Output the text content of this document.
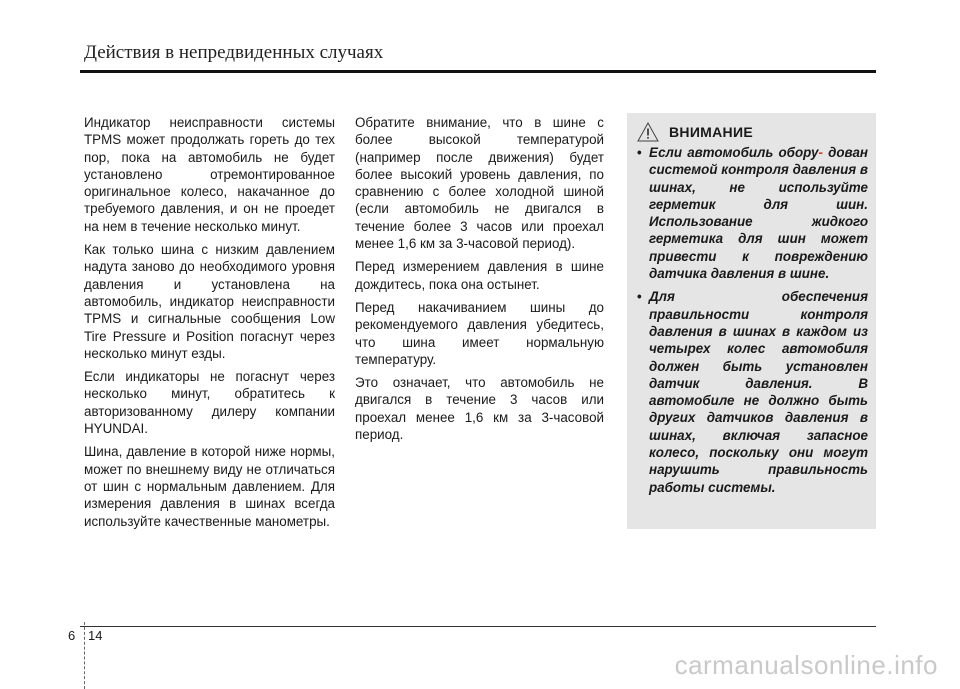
Действия в непредвиденных случаях

Индикатор неисправности системы TPMS может продолжать гореть до тех пор, пока на автомобиль не будет установлено отремонтированное оригинальное колесо, накачанное до требуемого давления, и он не проедет на нем в течение несколько минут.

Как только шина с низким давлением надута заново до необходимого уровня давления и установлена на автомобиль, индикатор неисправности TPMS и сигнальные сообщения Low Tire Pressure и Position погаснут через несколько минут езды.

Если индикаторы не погаснут через несколько минут, обратитесь к авторизованному дилеру компании HYUNDAI.

Шина, давление в которой ниже нормы, может по внешнему виду не отличаться от шин с нормальным давлением. Для измерения давления в шинах всегда используйте качественные манометры.

Обратите внимание, что в шине с более высокой температурой (например после движения) будет более высокий уровень давления, по сравнению с более холодной шиной (если автомобиль не двигался в течение более 3 часов или проехал менее 1,6 км за 3-часовой период).

Перед измерением давления в шине дождитесь, пока она остынет.

Перед накачиванием шины до рекомендуемого давления убедитесь, что шина имеет нормальную температуру.

Это означает, что автомобиль не двигался в течение 3 часов или проехал менее 1,6 км за 3-часовой период.

ВНИМАНИЕ
• Если автомобиль обору- дован системой контроля давления в шинах, не используйте герметик для шин. Использование жидкого герметика для шин может привести к повреждению датчика давления в шине.
• Для обеспечения правильности контроля давления в шинах в каждом из четырех колес автомобиля должен быть установлен датчик давления. В автомобиле не должно быть других датчиков давления в шинах, включая запасное колесо, поскольку они могут нарушить правильность работы системы.
6 14
carmanualsonline.info
